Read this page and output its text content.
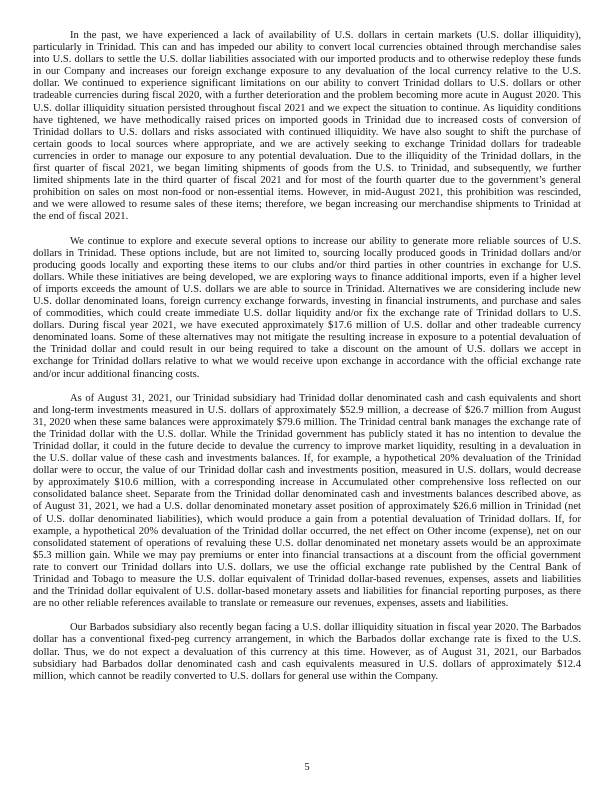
In the past, we have experienced a lack of availability of U.S. dollars in certain markets (U.S. dollar illiquidity), particularly in Trinidad. This can and has impeded our ability to convert local currencies obtained through merchandise sales into U.S. dollars to settle the U.S. dollar liabilities associated with our imported products and to otherwise redeploy these funds in our Company and increases our foreign exchange exposure to any devaluation of the local currency relative to the U.S. dollar. We continued to experience significant limitations on our ability to convert Trinidad dollars to U.S. dollars or other tradeable currencies during fiscal 2020, with a further deterioration and the problem becoming more acute in August 2020. This U.S. dollar illiquidity situation persisted throughout fiscal 2021 and we expect the situation to continue. As liquidity conditions have tightened, we have methodically raised prices on imported goods in Trinidad due to increased costs of conversion of Trinidad dollars to U.S. dollars and risks associated with continued illiquidity. We have also sought to shift the purchase of certain goods to local sources where appropriate, and we are actively seeking to exchange Trinidad dollars for tradeable currencies in order to manage our exposure to any potential devaluation. Due to the illiquidity of the Trinidad dollars, in the first quarter of fiscal 2021, we began limiting shipments of goods from the U.S. to Trinidad, and subsequently, we further limited shipments late in the third quarter of fiscal 2021 and for most of the fourth quarter due to the government’s general prohibition on sales on most non-food or non-essential items. However, in mid-August 2021, this prohibition was rescinded, and we were allowed to resume sales of these items; therefore, we began increasing our merchandise shipments to Trinidad at the end of fiscal 2021.

We continue to explore and execute several options to increase our ability to generate more reliable sources of U.S. dollars in Trinidad. These options include, but are not limited to, sourcing locally produced goods in Trinidad dollars and/or producing goods locally and exporting these items to our clubs and/or third parties in other countries in exchange for U.S. dollars. While these initiatives are being developed, we are exploring ways to finance additional imports, even if a higher level of imports exceeds the amount of U.S. dollars we are able to source in Trinidad. Alternatives we are considering include new U.S. dollar denominated loans, foreign currency exchange forwards, investing in financial instruments, and purchase and sales of commodities, which could create immediate U.S. dollar liquidity and/or fix the exchange rate of Trinidad dollars to U.S. dollars. During fiscal year 2021, we have executed approximately $17.6 million of U.S. dollar and other tradeable currency denominated loans. Some of these alternatives may not mitigate the resulting increase in exposure to a potential devaluation of the Trinidad dollar and could result in our being required to take a discount on the amount of U.S. dollars we accept in exchange for Trinidad dollars relative to what we would receive upon exchange in accordance with the official exchange rate and/or incur additional financing costs.

As of August 31, 2021, our Trinidad subsidiary had Trinidad dollar denominated cash and cash equivalents and short and long-term investments measured in U.S. dollars of approximately $52.9 million, a decrease of $26.7 million from August 31, 2020 when these same balances were approximately $79.6 million. The Trinidad central bank manages the exchange rate of the Trinidad dollar with the U.S. dollar. While the Trinidad government has publicly stated it has no intention to devalue the Trinidad dollar, it could in the future decide to devalue the currency to improve market liquidity, resulting in a devaluation in the U.S. dollar value of these cash and investments balances. If, for example, a hypothetical 20% devaluation of the Trinidad dollar were to occur, the value of our Trinidad dollar cash and investments position, measured in U.S. dollars, would decrease by approximately $10.6 million, with a corresponding increase in Accumulated other comprehensive loss reflected on our consolidated balance sheet. Separate from the Trinidad dollar denominated cash and investments balances described above, as of August 31, 2021, we had a U.S. dollar denominated monetary asset position of approximately $26.6 million in Trinidad (net of U.S. dollar denominated liabilities), which would produce a gain from a potential devaluation of Trinidad dollars. If, for example, a hypothetical 20% devaluation of the Trinidad dollar occurred, the net effect on Other income (expense), net on our consolidated statement of operations of revaluing these U.S. dollar denominated net monetary assets would be an approximate $5.3 million gain. While we may pay premiums or enter into financial transactions at a discount from the official government rate to convert our Trinidad dollars into U.S. dollars, we use the official exchange rate published by the Central Bank of Trinidad and Tobago to measure the U.S. dollar equivalent of Trinidad dollar-based revenues, expenses, assets and liabilities and the Trinidad dollar equivalent of U.S. dollar-based monetary assets and liabilities for financial reporting purposes, as there are no other reliable references available to translate or remeasure our revenues, expenses, assets and liabilities.

Our Barbados subsidiary also recently began facing a U.S. dollar illiquidity situation in fiscal year 2020. The Barbados dollar has a conventional fixed-peg currency arrangement, in which the Barbados dollar exchange rate is fixed to the U.S. dollar. Thus, we do not expect a devaluation of this currency at this time. However, as of August 31, 2021, our Barbados subsidiary had Barbados dollar denominated cash and cash equivalents measured in U.S. dollars of approximately $12.4 million, which cannot be readily converted to U.S. dollars for general use within the Company.

5
